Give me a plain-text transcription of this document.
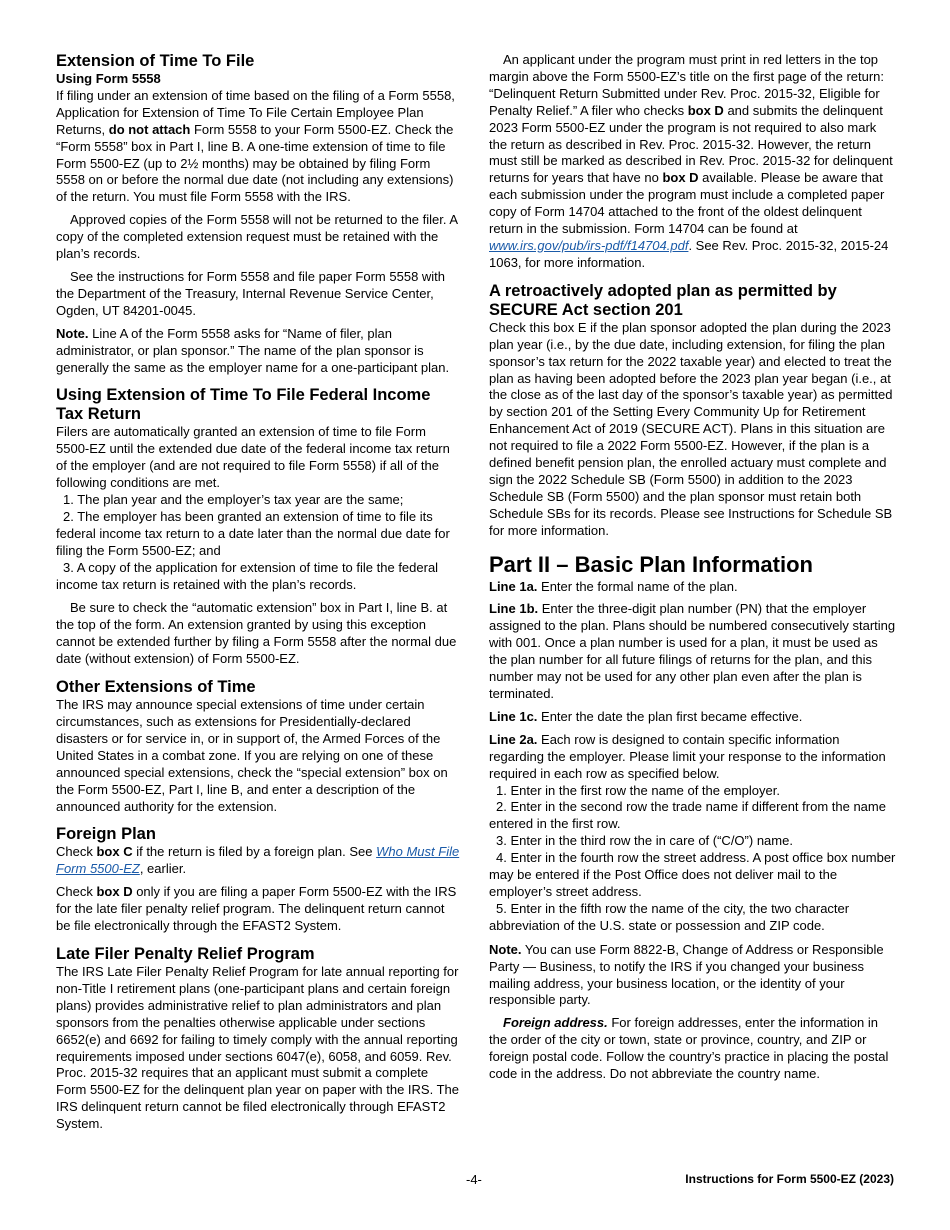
Extension of Time To File
Using Form 5558

If filing under an extension of time based on the filing of a Form 5558, Application for Extension of Time To File Certain Employee Plan Returns, do not attach Form 5558 to your Form 5500-EZ. Check the “Form 5558” box in Part I, line B. A one-time extension of time to file Form 5500-EZ (up to 2½ months) may be obtained by filing Form 5558 on or before the normal due date (not including any extensions) of the return. You must file Form 5558 with the IRS.

Approved copies of the Form 5558 will not be returned to the filer. A copy of the completed extension request must be retained with the plan’s records.

See the instructions for Form 5558 and file paper Form 5558 with the Department of the Treasury, Internal Revenue Service Center, Ogden, UT 84201-0045.

Note. Line A of the Form 5558 asks for “Name of filer, plan administrator, or plan sponsor.” The name of the plan sponsor is generally the same as the employer name for a one-participant plan.

Using Extension of Time To File Federal Income Tax Return

Filers are automatically granted an extension of time to file Form 5500-EZ until the extended due date of the federal income tax return of the employer (and are not required to file Form 5558) if all of the following conditions are met.

1. The plan year and the employer’s tax year are the same;

2. The employer has been granted an extension of time to file its federal income tax return to a date later than the normal due date for filing the Form 5500-EZ; and

3. A copy of the application for extension of time to file the federal income tax return is retained with the plan’s records.

Be sure to check the “automatic extension” box in Part I, line B. at the top of the form. An extension granted by using this exception cannot be extended further by filing a Form 5558 after the normal due date (without extension) of Form 5500-EZ.

Other Extensions of Time

The IRS may announce special extensions of time under certain circumstances, such as extensions for Presidentially-declared disasters or for service in, or in support of, the Armed Forces of the United States in a combat zone. If you are relying on one of these announced special extensions, check the “special extension” box on the Form 5500-EZ, Part I, line B, and enter a description of the announced authority for the extension.

Foreign Plan

Check box C if the return is filed by a foreign plan. See Who Must File Form 5500-EZ, earlier.

Check box D only if you are filing a paper Form 5500-EZ with the IRS for the late filer penalty relief program. The delinquent return cannot be file electronically through the EFAST2 System.

Late Filer Penalty Relief Program

The IRS Late Filer Penalty Relief Program for late annual reporting for non-Title I retirement plans (one-participant plans and certain foreign plans) provides administrative relief to plan administrators and plan sponsors from the penalties otherwise applicable under sections 6652(e) and 6692 for failing to timely comply with the annual reporting requirements imposed under sections 6047(e), 6058, and 6059. Rev. Proc. 2015-32 requires that an applicant must submit a complete Form 5500-EZ for the delinquent plan year on paper with the IRS. The IRS delinquent return cannot be filed electronically through EFAST2 System.

An applicant under the program must print in red letters in the top margin above the Form 5500-EZ’s title on the first page of the return: “Delinquent Return Submitted under Rev. Proc. 2015-32, Eligible for Penalty Relief.” A filer who checks box D and submits the delinquent 2023 Form 5500-EZ under the program is not required to also mark the return as described in Rev. Proc. 2015-32. However, the return must still be marked as described in Rev. Proc. 2015-32 for delinquent returns for years that have no box D available. Please be aware that each submission under the program must include a completed paper copy of Form 14704 attached to the front of the oldest delinquent return in the submission. Form 14704 can be found at www.irs.gov/pub/irs-pdf/f14704.pdf. See Rev. Proc. 2015-32, 2015-24 1063, for more information.

A retroactively adopted plan as permitted by SECURE Act section 201

Check this box E if the plan sponsor adopted the plan during the 2023 plan year (i.e., by the due date, including extension, for filing the plan sponsor’s tax return for the 2022 taxable year) and elected to treat the plan as having been adopted before the 2023 plan year began (i.e., at the close as of the last day of the sponsor’s taxable year) as permitted by section 201 of the Setting Every Community Up for Retirement Enhancement Act of 2019 (SECURE ACT). Plans in this situation are not required to file a 2022 Form 5500-EZ. However, if the plan is a defined benefit pension plan, the enrolled actuary must complete and sign the 2022 Schedule SB (Form 5500) in addition to the 2023 Schedule SB (Form 5500) and the plan sponsor must retain both Schedule SBs for its records. Please see Instructions for Schedule SB for more information.

Part II – Basic Plan Information

Line 1a. Enter the formal name of the plan.

Line 1b. Enter the three-digit plan number (PN) that the employer assigned to the plan. Plans should be numbered consecutively starting with 001. Once a plan number is used for a plan, it must be used as the plan number for all future filings of returns for the plan, and this number may not be used for any other plan even after the plan is terminated.

Line 1c. Enter the date the plan first became effective.

Line 2a. Each row is designed to contain specific information regarding the employer. Please limit your response to the information required in each row as specified below.

1. Enter in the first row the name of the employer.

2. Enter in the second row the trade name if different from the name entered in the first row.

3. Enter in the third row the in care of (“C/O”) name.

4. Enter in the fourth row the street address. A post office box number may be entered if the Post Office does not deliver mail to the employer’s street address.

5. Enter in the fifth row the name of the city, the two character abbreviation of the U.S. state or possession and ZIP code.

Note. You can use Form 8822-B, Change of Address or Responsible Party — Business, to notify the IRS if you changed your business mailing address, your business location, or the identity of your responsible party.

Foreign address. For foreign addresses, enter the information in the order of the city or town, state or province, country, and ZIP or foreign postal code. Follow the country’s practice in placing the postal code in the address. Do not abbreviate the country name.

-4-	Instructions for Form 5500-EZ (2023)
